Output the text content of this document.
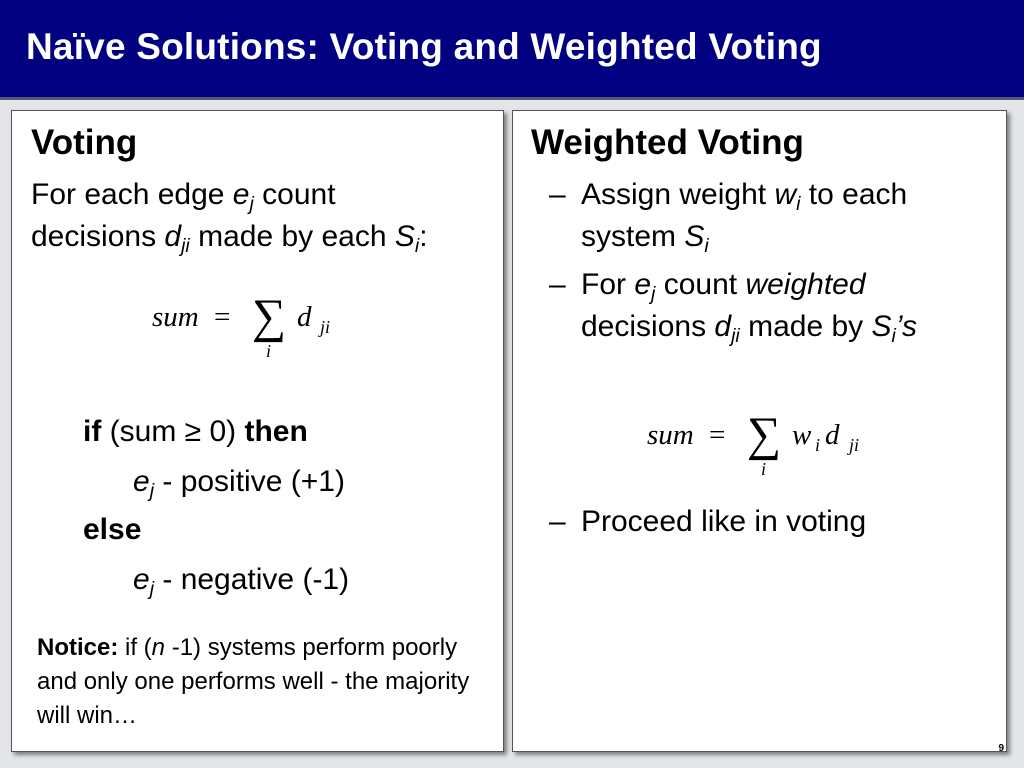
Naïve Solutions: Voting and Weighted Voting
Voting
For each edge $e_j$ count
decisions $d_{ji}$ made by each $S_i$:
sum = ∑
i
d ji
if (sum ≥ 0) then
$e_j$ - positive (+1)
else
$e_j$ - negative (-1)
Notice: if (n -1) systems perform poorly and only one performs well - the majority will win…
Weighted Voting
– Assign weight $w_i$ to each
system $S_i$
– For $e_j$ count weighted
decisions $d_{ji}$ made by $S_i’s$
sum = ∑
i
w i d ji
– Proceed like in voting
9
